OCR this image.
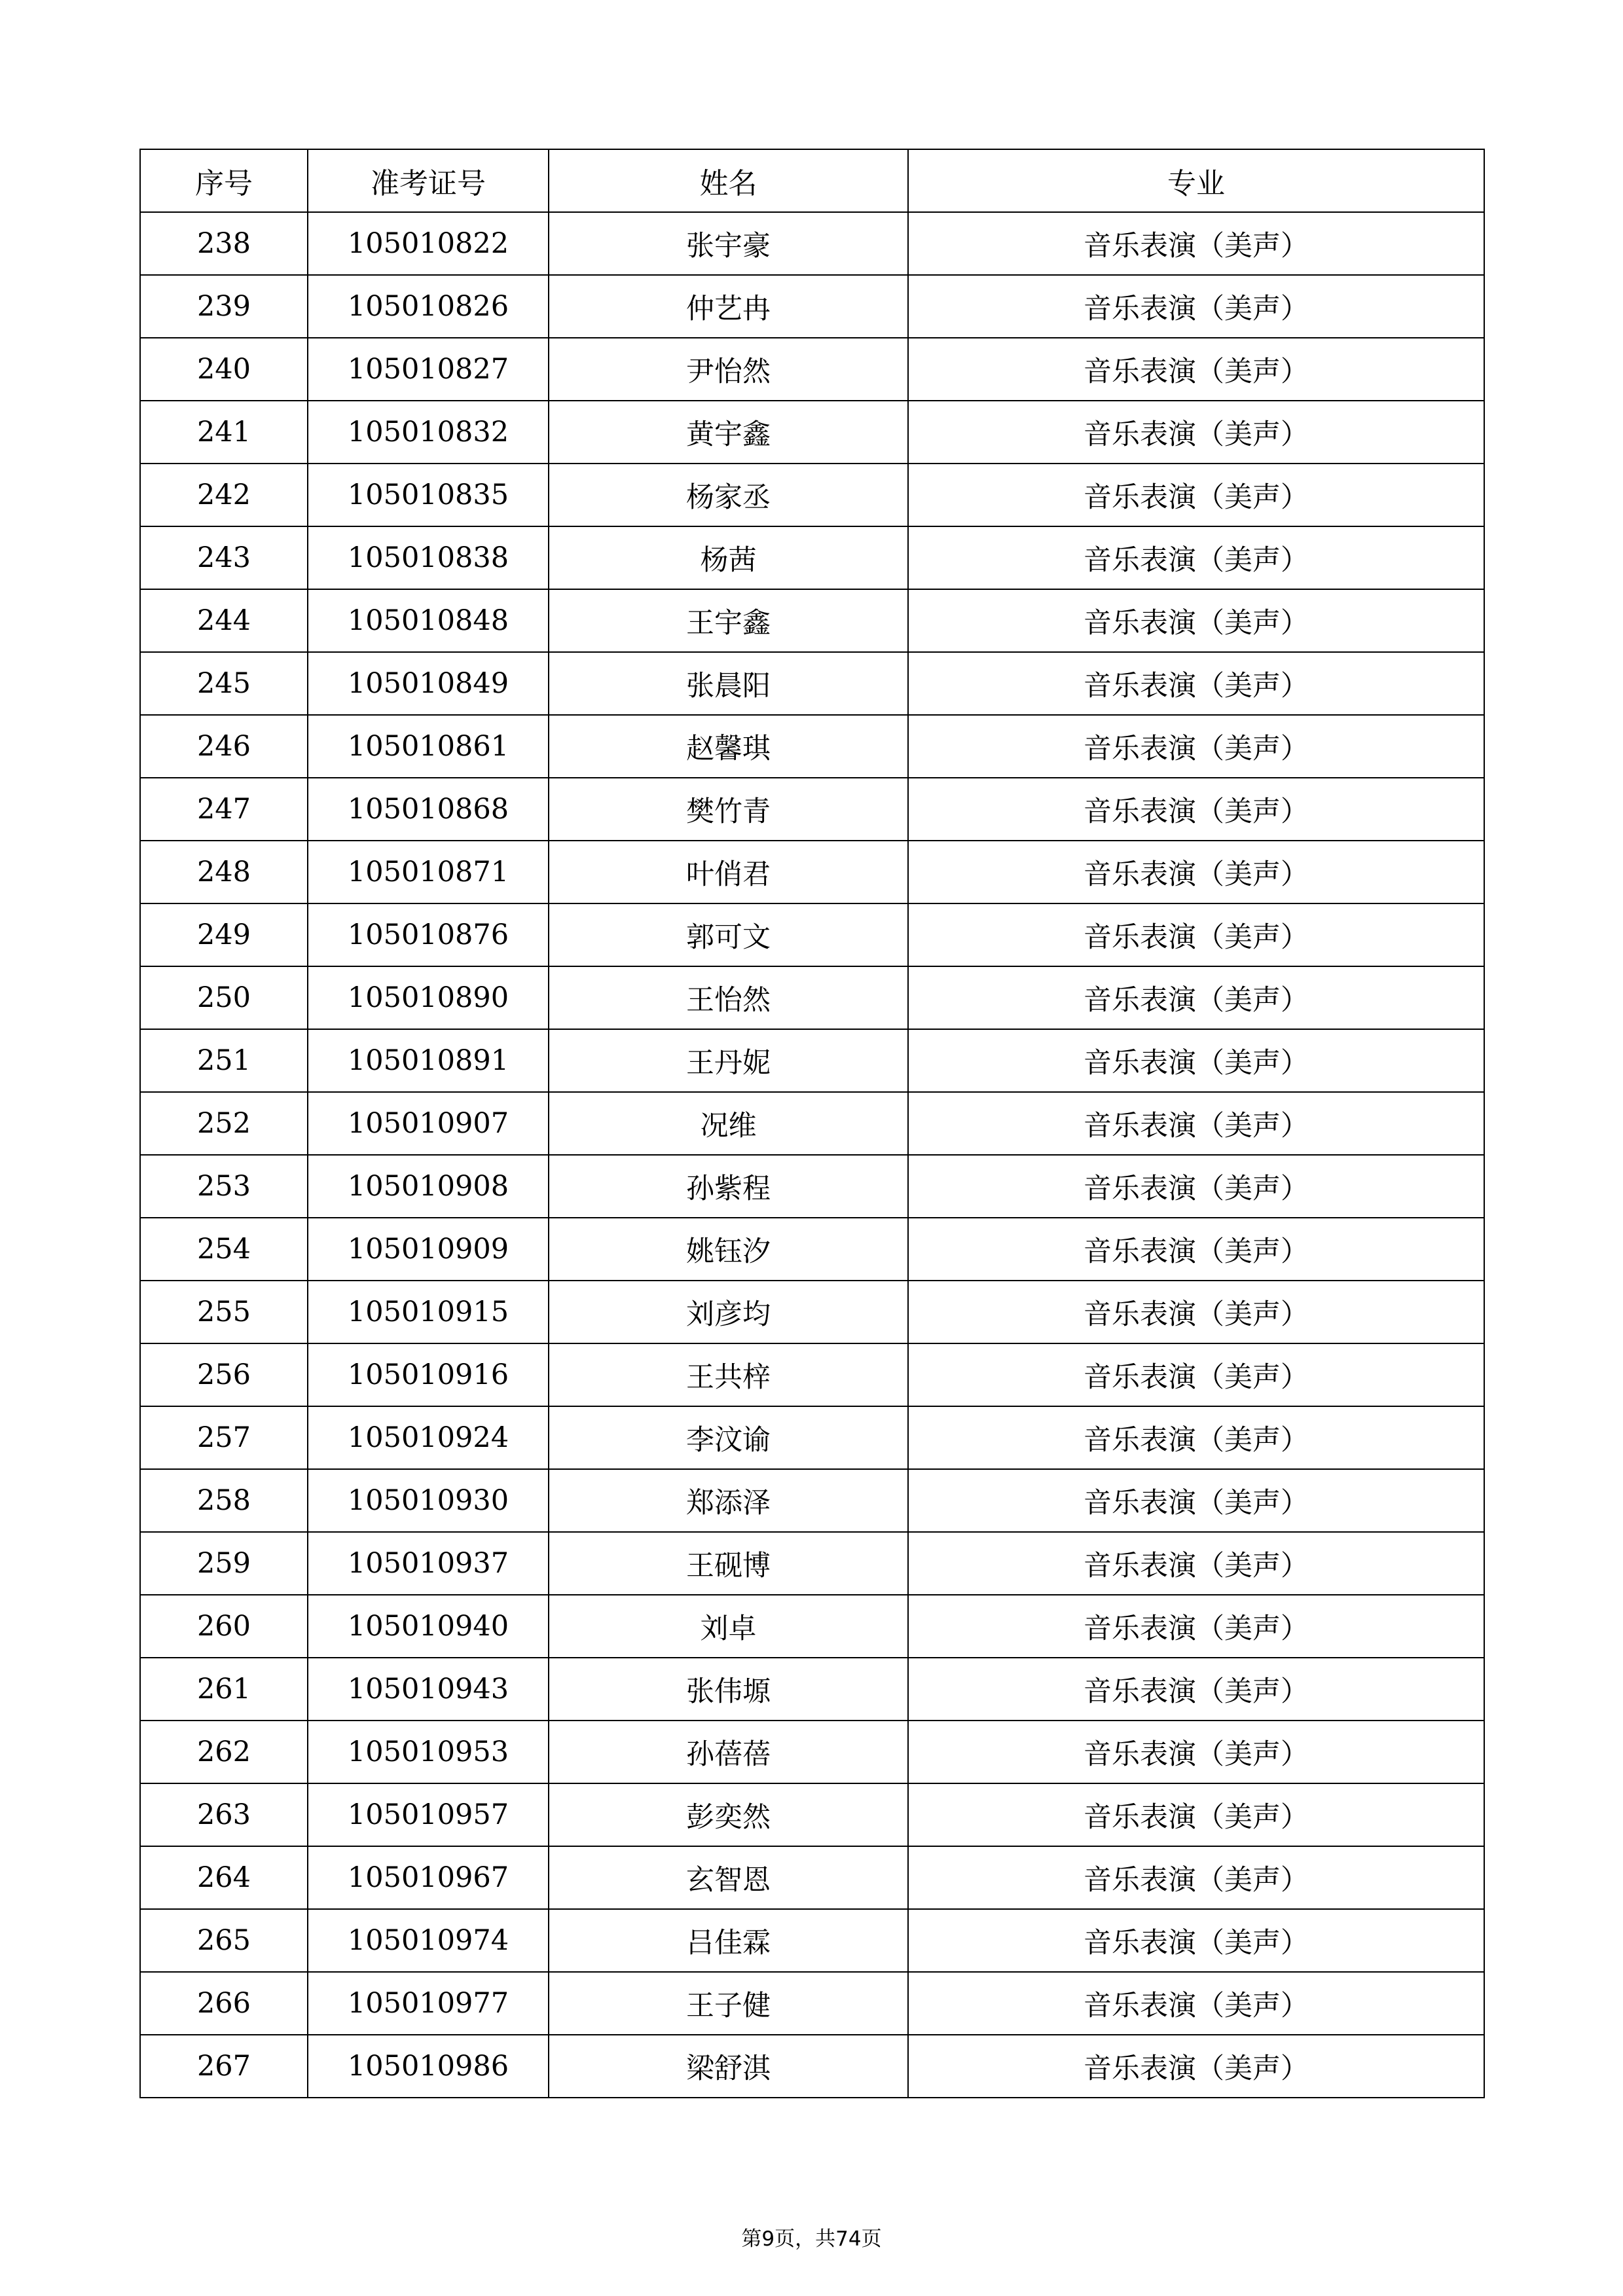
序号	准考证号	姓名	专业
238	105010822	张宇豪	音乐表演（美声）
239	105010826	仲艺冉	音乐表演（美声）
240	105010827	尹怡然	音乐表演（美声）
241	105010832	黄宇鑫	音乐表演（美声）
242	105010835	杨家丞	音乐表演（美声）
243	105010838	杨茜	音乐表演（美声）
244	105010848	王宇鑫	音乐表演（美声）
245	105010849	张晨阳	音乐表演（美声）
246	105010861	赵馨琪	音乐表演（美声）
247	105010868	樊竹青	音乐表演（美声）
248	105010871	叶俏君	音乐表演（美声）
249	105010876	郭可文	音乐表演（美声）
250	105010890	王怡然	音乐表演（美声）
251	105010891	王丹妮	音乐表演（美声）
252	105010907	况维	音乐表演（美声）
253	105010908	孙紫程	音乐表演（美声）
254	105010909	姚钰汐	音乐表演（美声）
255	105010915	刘彦均	音乐表演（美声）
256	105010916	王共梓	音乐表演（美声）
257	105010924	李汶谕	音乐表演（美声）
258	105010930	郑添泽	音乐表演（美声）
259	105010937	王砚博	音乐表演（美声）
260	105010940	刘卓	音乐表演（美声）
261	105010943	张伟塬	音乐表演（美声）
262	105010953	孙蓓蓓	音乐表演（美声）
263	105010957	彭奕然	音乐表演（美声）
264	105010967	玄智恩	音乐表演（美声）
265	105010974	吕佳霖	音乐表演（美声）
266	105010977	王子健	音乐表演（美声）
267	105010986	梁舒淇	音乐表演（美声）
第9页，共74页
